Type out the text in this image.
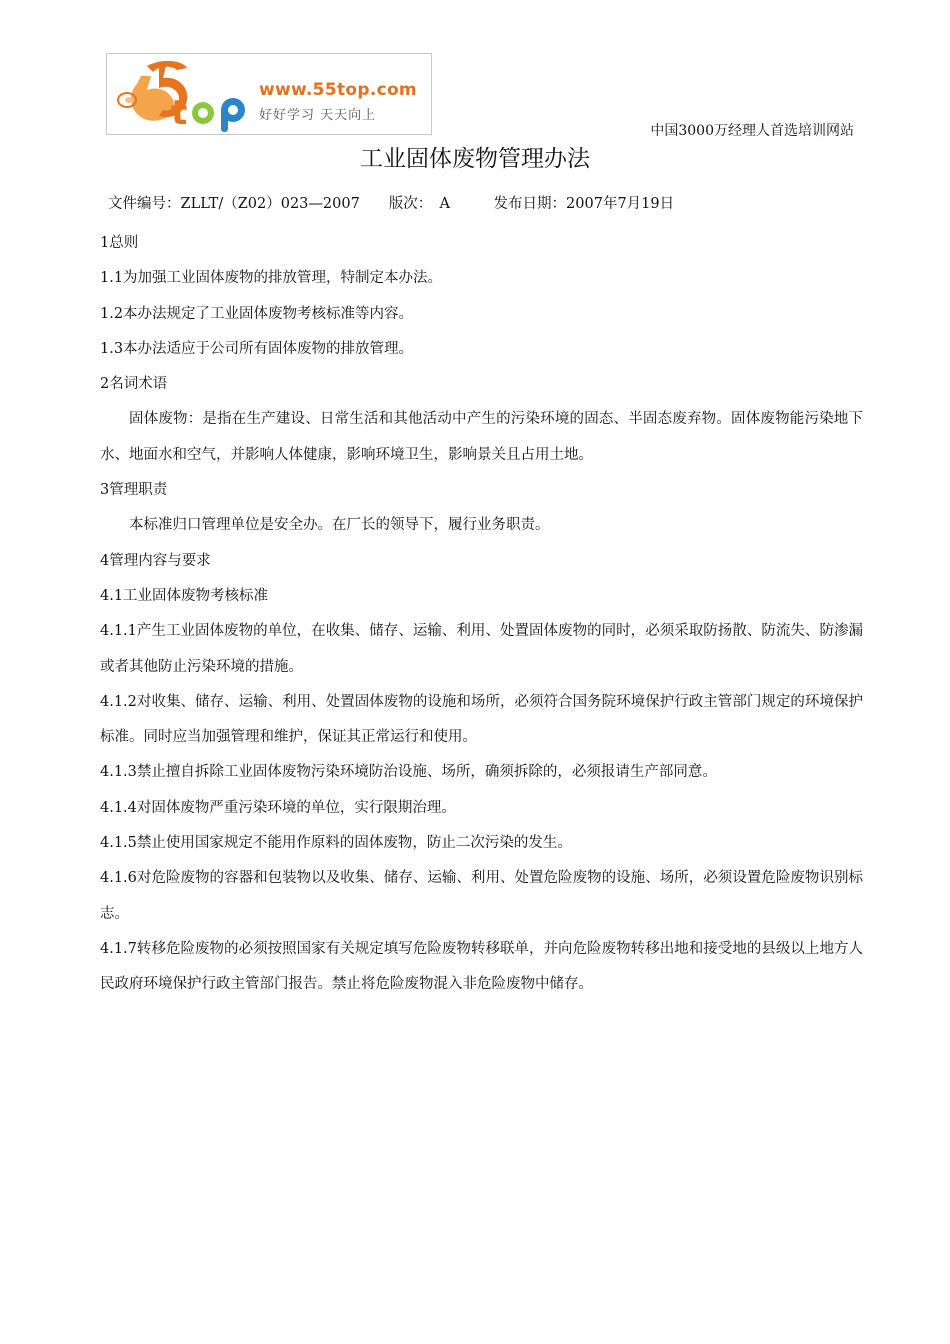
t
www.55top.com
好好学习 天天向上
中国3000万经理人首选培训网站
工业固体废物管理办法
文件编号：ZLLT/（Z02）023—2007　　 版次：　A　　　	发布日期：2007年7月19日

1总则

1.1为加强工业固体废物的排放管理，特制定本办法。

1.2本办法规定了工业固体废物考核标准等内容。

1.3本办法适应于公司所有固体废物的排放管理。

2名词术语

固体废物：是指在生产建设、日常生活和其他活动中产生的污染环境的固态、半固态废弃物。固体废物能污染地下水、地面水和空气，并影响人体健康，影响环境卫生，影响景关且占用土地。

3管理职责

本标准归口管理单位是安全办。在厂长的领导下，履行业务职责。

4管理内容与要求

4.1工业固体废物考核标准

4.1.1产生工业固体废物的单位，在收集、储存、运输、利用、处置固体废物的同时，必须采取防扬散、防流失、防渗漏或者其他防止污染环境的措施。

4.1.2对收集、储存、运输、利用、处置固体废物的设施和场所，必须符合国务院环境保护行政主管部门规定的环境保护标准。同时应当加强管理和维护，保证其正常运行和使用。

4.1.3禁止擅自拆除工业固体废物污染环境防治设施、场所，确须拆除的，必须报请生产部同意。

4.1.4对固体废物严重污染环境的单位，实行限期治理。

4.1.5禁止使用国家规定不能用作原料的固体废物，防止二次污染的发生。

4.1.6对危险废物的容器和包装物以及收集、储存、运输、利用、处置危险废物的设施、场所，必须设置危险废物识别标志。

4.1.7转移危险废物的必须按照国家有关规定填写危险废物转移联单，并向危险废物转移出地和接受地的县级以上地方人民政府环境保护行政主管部门报告。禁止将危险废物混入非危险废物中储存。
